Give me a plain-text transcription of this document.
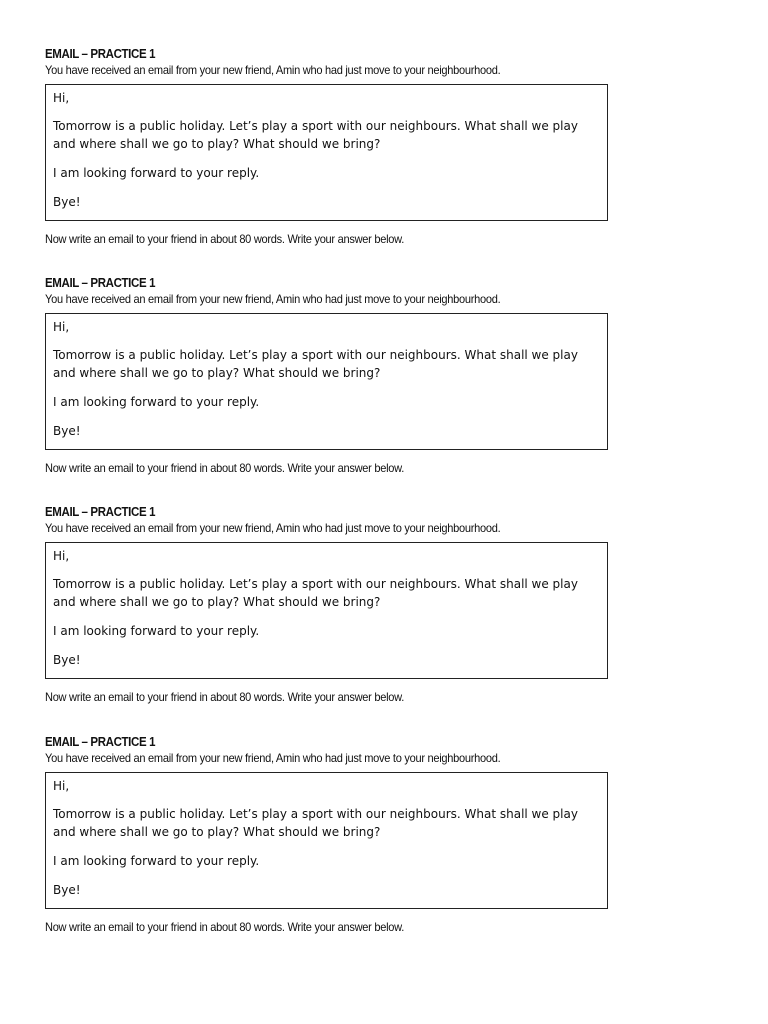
EMAIL – PRACTICE 1
You have received an email from your new friend, Amin who had just move to your neighbourhood.

Hi,

Tomorrow is a public holiday. Let’s play a sport with our neighbours. What shall we play and where shall we go to play? What should we bring?

I am looking forward to your reply.

Bye!

Now write an email to your friend in about 80 words. Write your answer below.
EMAIL – PRACTICE 1
You have received an email from your new friend, Amin who had just move to your neighbourhood.

Hi,

Tomorrow is a public holiday. Let’s play a sport with our neighbours. What shall we play and where shall we go to play? What should we bring?

I am looking forward to your reply.

Bye!

Now write an email to your friend in about 80 words. Write your answer below.
EMAIL – PRACTICE 1
You have received an email from your new friend, Amin who had just move to your neighbourhood.

Hi,

Tomorrow is a public holiday. Let’s play a sport with our neighbours. What shall we play and where shall we go to play? What should we bring?

I am looking forward to your reply.

Bye!

Now write an email to your friend in about 80 words. Write your answer below.
EMAIL – PRACTICE 1
You have received an email from your new friend, Amin who had just move to your neighbourhood.

Hi,

Tomorrow is a public holiday. Let’s play a sport with our neighbours. What shall we play and where shall we go to play? What should we bring?

I am looking forward to your reply.

Bye!

Now write an email to your friend in about 80 words. Write your answer below.
